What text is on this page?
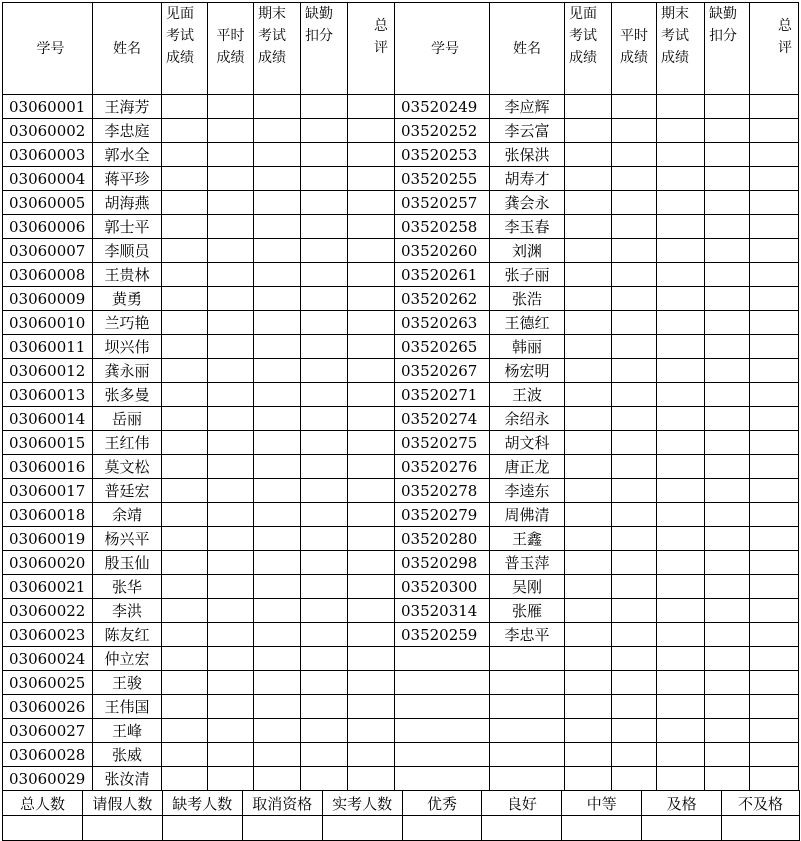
学号	姓名	见面
考试
成绩	平时
成绩	期末
考试
成绩	缺勤
扣分	总
评	学号	姓名	见面
考试
成绩	平时
成绩	期末
考试
成绩	缺勤
扣分	总
评
03060001	王海芳						03520249	李应辉					
03060002	李忠庭						03520252	李云富					
03060003	郭水全						03520253	张保洪					
03060004	蒋平珍						03520255	胡寿才					
03060005	胡海燕						03520257	龚会永					
03060006	郭士平						03520258	李玉春					
03060007	李顺员						03520260	刘渊					
03060008	王贵林						03520261	张子丽					
03060009	黄勇						03520262	张浩					
03060010	兰巧艳						03520263	王德红					
03060011	坝兴伟						03520265	韩丽					
03060012	龚永丽						03520267	杨宏明					
03060013	张多曼						03520271	王波					
03060014	岳丽						03520274	余绍永					
03060015	王红伟						03520275	胡文科					
03060016	莫文松						03520276	唐正龙					
03060017	普廷宏						03520278	李逵东					
03060018	余靖						03520279	周佛清					
03060019	杨兴平						03520280	王鑫					
03060020	殷玉仙						03520298	普玉萍					
03060021	张华						03520300	吴刚					
03060022	李洪						03520314	张雁					
03060023	陈友红						03520259	李忠平					
03060024	仲立宏												
03060025	王骏												
03060026	王伟国												
03060027	王峰												
03060028	张威												
03060029	张汝清												
总人数	请假人数	缺考人数	取消资格	实考人数	优秀	良好	中等	及格	不及格
